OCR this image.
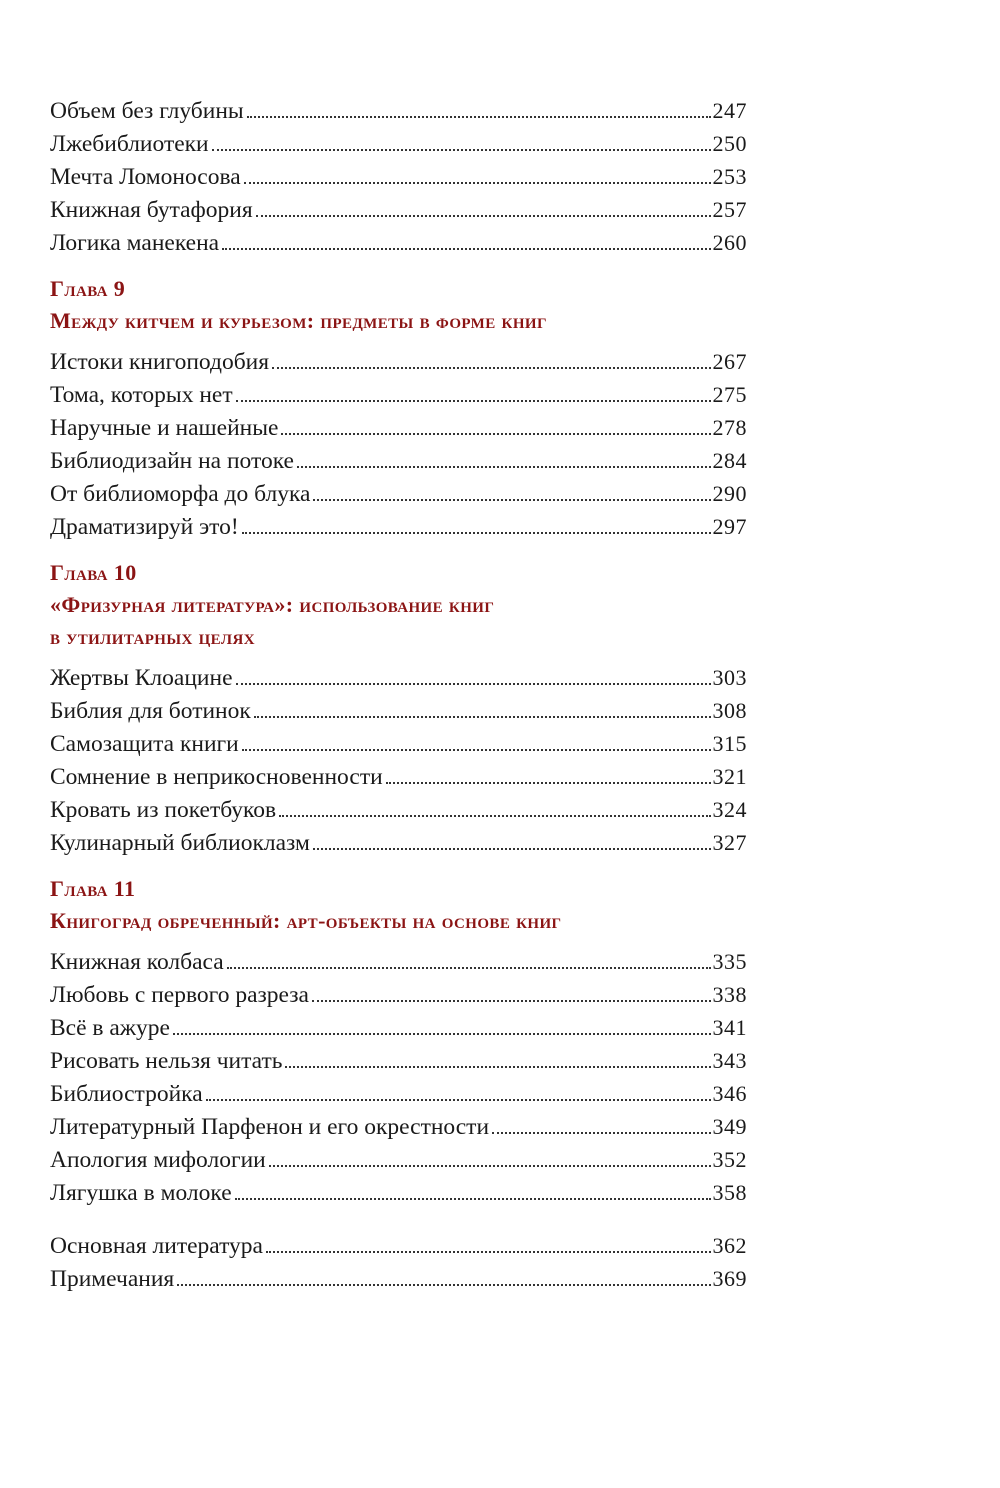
Объем без глубины	247
Лжебиблиотеки	250
Мечта Ломоносова	253
Книжная бутафория	257
Логика манекена	260
Глава 9
Между китчем и курьезом: предметы в форме книг
Истоки книгоподобия	267
Тома, которых нет	275
Наручные и нашейные	278
Библиодизайн на потоке	284
От библиоморфа до блука	290
Драматизируй это!	297
Глава 10
«Фризурная литература»: использование книг
в утилитарных целях
Жертвы Клоацине	303
Библия для ботинок	308
Самозащита книги	315
Сомнение в неприкосновенности	321
Кровать из покетбуков	324
Кулинарный библиоклазм	327
Глава 11
Книгоград обреченный: арт-объекты на основе книг
Книжная колбаса	335
Любовь с первого разреза	338
Всё в ажуре	341
Рисовать нельзя читать	343
Библиостройка	346
Литературный Парфенон и его окрестности	349
Апология мифологии	352
Лягушка в молоке	358
Основная литература	362
Примечания	369
